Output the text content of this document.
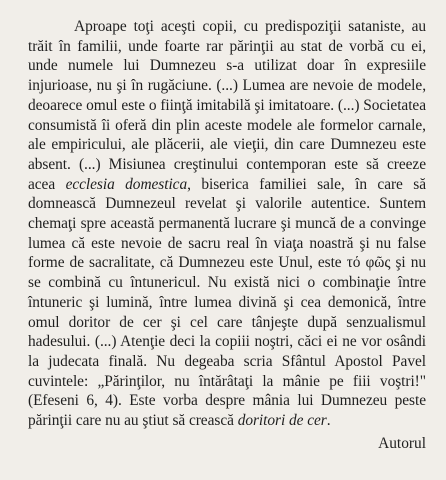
Aproape toţi aceşti copii, cu predispoziţii sataniste, au trăit în familii, unde foarte rar părinţii au stat de vorbă cu ei, unde numele lui Dumnezeu s-a utilizat doar în expresiile injurioase, nu şi în rugăciune. (...) Lumea are nevoie de modele, deoarece omul este o fiinţă imitabilă şi imitatoare. (...) Societatea consumistă îi oferă din plin aceste modele ale formelor carnale, ale empiricului, ale plăcerii, ale vieţii, din care Dumnezeu este absent. (...) Misiunea creştinului contemporan este să creeze acea ecclesia domestica, biserica familiei sale, în care să domnească Dumnezeul revelat şi valorile autentice. Suntem chemaţi spre această permanentă lucrare şi muncă de a convinge lumea că este nevoie de sacru real în viaţa noastră şi nu false forme de sacralitate, că Dumnezeu este Unul, este τό φῶς şi nu se combină cu întunericul. Nu există nici o combinaţie între întuneric şi lumină, între lumea divină şi cea demonică, între omul doritor de cer şi cel care tânjeşte după senzualismul hadesului. (...) Atenţie deci la copiii noştri, căci ei ne vor osândi la judecata finală. Nu degeaba scria Sfântul Apostol Pavel cuvintele: „Părinţilor, nu întărâtaţi la mânie pe fiii voştri!" (Efeseni 6, 4). Este vorba despre mânia lui Dumnezeu peste părinţii care nu au ştiut să crească doritori de cer.

Autorul
